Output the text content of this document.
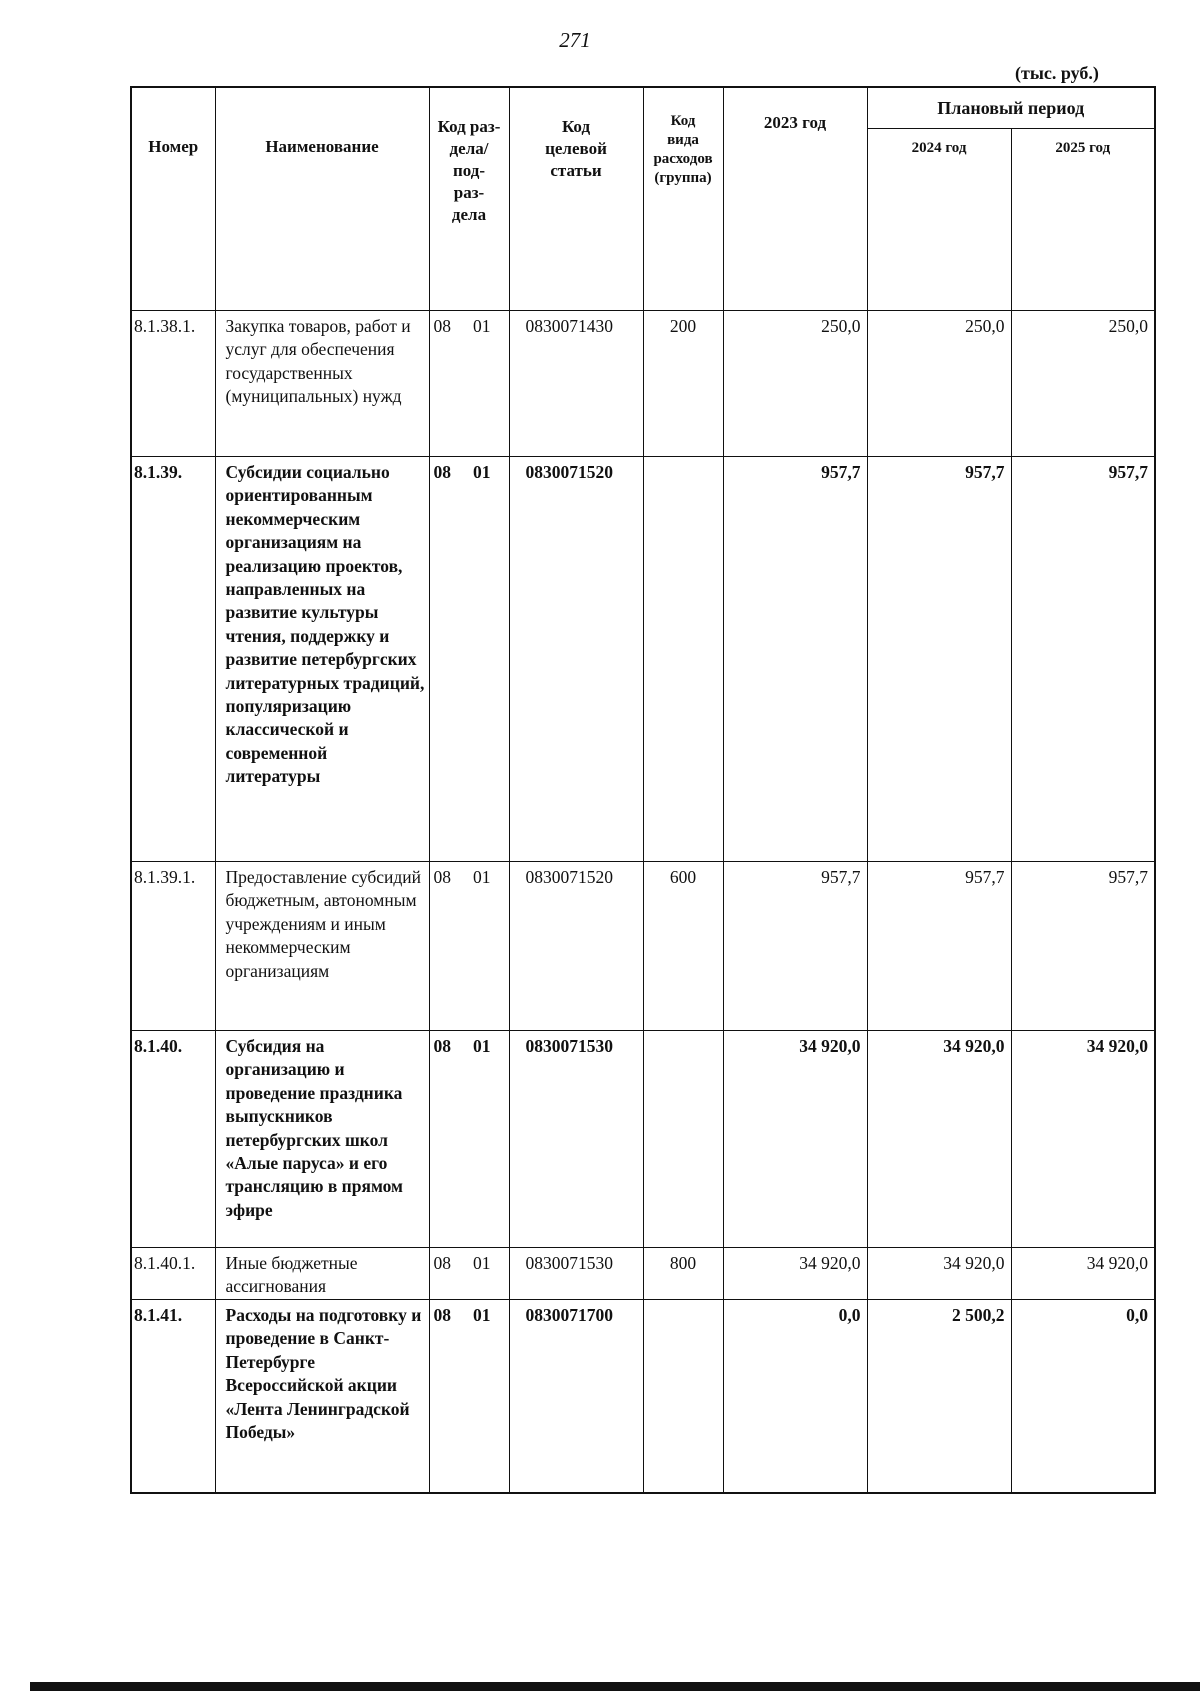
271
(тыс. руб.)
Номер	Наименование	Код раз-
дела/
под-
раз-
дела	Код
целевой
статьи	Код
вида
расходов
(группа)	2023 год	Плановый период	
						2024 год	2025 год
8.1.38.1.	Закупка товаров, работ и услуг для обеспечения государственных (муниципальных) нужд	08 01	0830071430	200	250,0	250,0	250,0
8.1.39.	Субсидии социально ориентированным некоммерческим организациям на реализацию проектов, направленных на развитие культуры чтения, поддержку и развитие петербургских литературных традиций, популяризацию классической и современной литературы	08 01	0830071520		957,7	957,7	957,7
8.1.39.1.	Предоставление субсидий бюджетным, автономным учреждениям и иным некоммерческим организациям	08 01	0830071520	600	957,7	957,7	957,7
8.1.40.	Субсидия на организацию и проведение праздника выпускников петербургских школ «Алые паруса» и его трансляцию в прямом эфире	08 01	0830071530		34 920,0	34 920,0	34 920,0
8.1.40.1.	Иные бюджетные ассигнования	08 01	0830071530	800	34 920,0	34 920,0	34 920,0
8.1.41.	Расходы на подготовку и проведение в Санкт-Петербурге Всероссийской акции «Лента Ленинградской Победы»	08 01	0830071700		0,0	2 500,2	0,0
